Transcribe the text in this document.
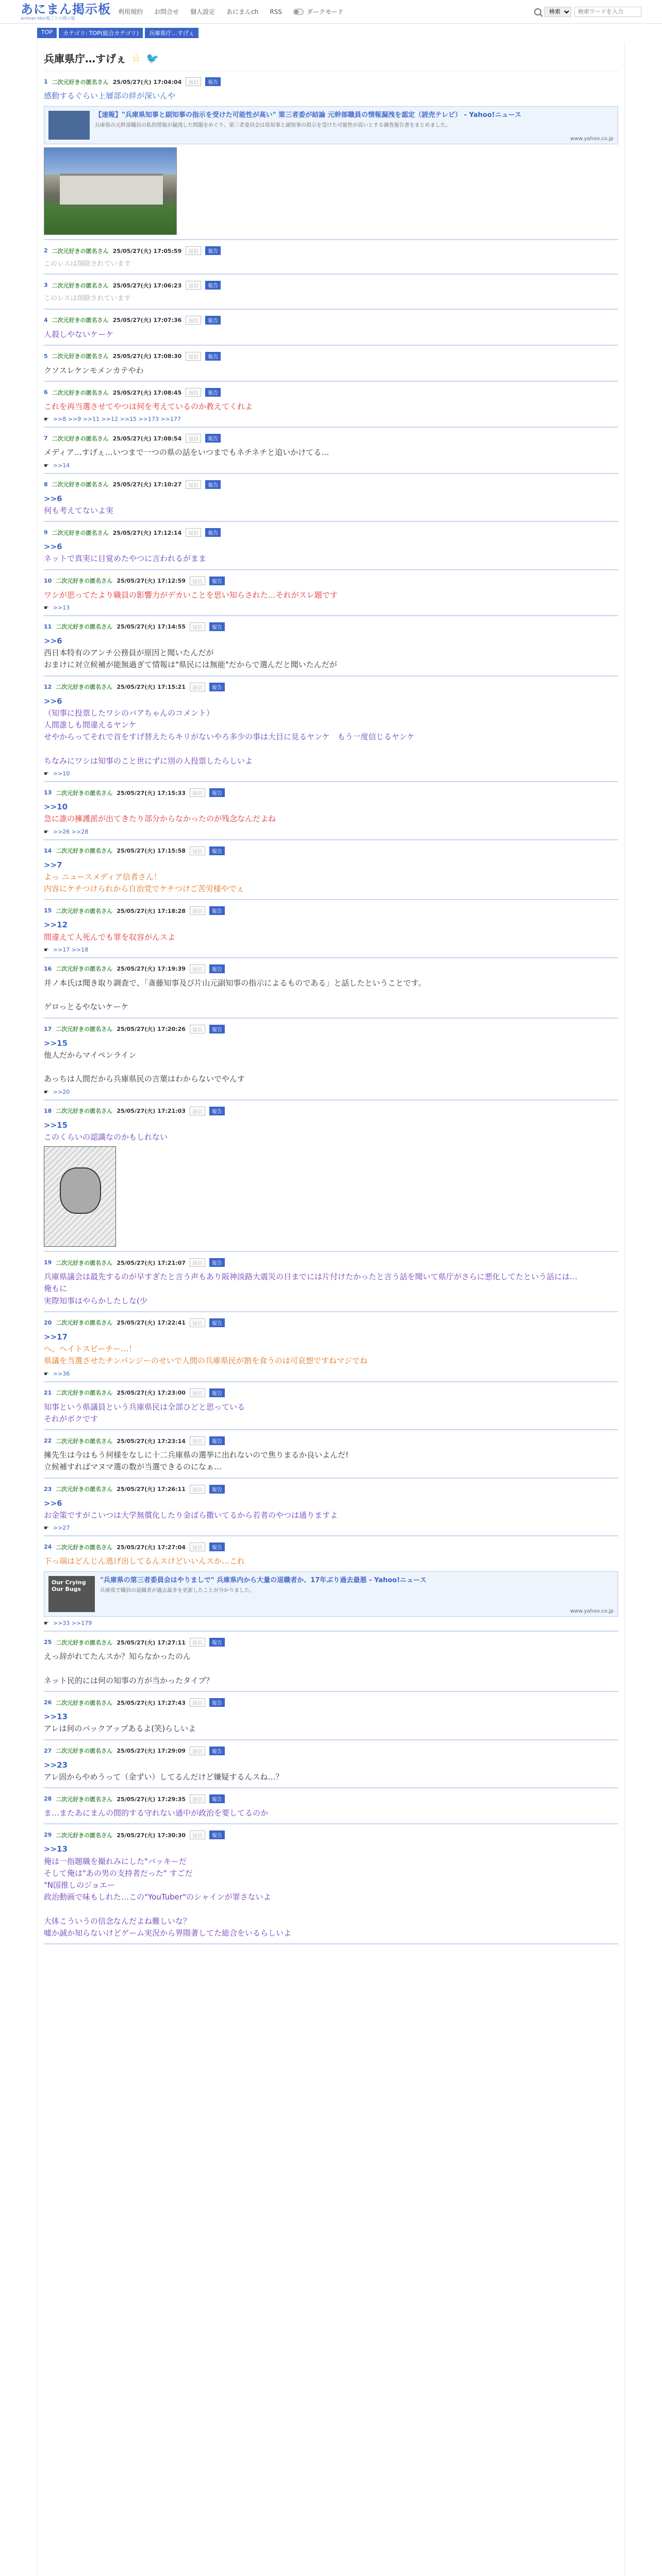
あにまん掲示板
animan bbs/板ごとの掲示板
利用規約 お問合せ 個人設定 あにまんch RSS	ダークモード
検索
検索ワードを入力
TOP	カテゴリ: TOP(総合カテゴリ)	兵庫県庁…すげぇ
兵庫県庁…すげぇ ☆ 🐦
1 二次元好きの匿名さん 25/05/27(火) 17:04:04	返信	報告

感動するぐらい上層部の絆が深いんや

【速報】"兵庫県知事と副知事の指示を受けた可能性が高い" 第三者委が結論 元幹部職員の情報漏洩を認定（読売テレビ） - Yahoo!ニュース
兵庫県の元幹部職員の私的情報が漏洩した問題をめぐり、第三者委員会は県知事と副知事の指示を受けた可能性が高いとする調査報告書をまとめました。
www.yahoo.co.jp
2 二次元好きの匿名さん 25/05/27(火) 17:05:59	返信	報告

このレスは削除されています

3 二次元好きの匿名さん 25/05/27(火) 17:06:23	返信	報告

このレスは削除されています

4 二次元好きの匿名さん 25/05/27(火) 17:07:36	返信	報告

人殺しやないケーケ

5 二次元好きの匿名さん 25/05/27(火) 17:08:30	返信	報告

クソスレケンモメンカテやわ

6 二次元好きの匿名さん 25/05/27(火) 17:08:45	返信	報告

これを再当選させてやつは何を考えているのか教えてくれよ

☛ >>8 >>9 >>11 >>12 >>15 >>173 >>177
7 二次元好きの匿名さん 25/05/27(火) 17:08:54	返信	報告

メディア…すげぇ…いつまで一つの県の話をいつまでもネチネチと追いかけてる…

☛ >>14
8 二次元好きの匿名さん 25/05/27(火) 17:10:27	返信	報告

>>6

何も考えてないよ実

9 二次元好きの匿名さん 25/05/27(火) 17:12:14	返信	報告

>>6

ネットで真実に目覚めたやつに言われるがまま

10 二次元好きの匿名さん 25/05/27(火) 17:12:59	返信	報告

ワシが思ってたより職員の影響力がデカいことを思い知らされた…それがスレ題です

☛ >>13
11 二次元好きの匿名さん 25/05/27(火) 17:14:55	返信	報告

>>6

西日本特有のアンチ公務員が原因と聞いたんだが

おまけに対立候補が能無過ぎて情報は"県民には無能"だからで選んだと聞いたんだが

12 二次元好きの匿名さん 25/05/27(火) 17:15:21	返信	報告

>>6

（知事に投票したワシのバアちゃんのコメント）

人間誰しも間違えるヤンケ

せやからってそれで首をすげ替えたらキリがないやろ多少の事は大目に見るヤンケ　もう一度信じるヤンケ

ちなみにワシは知事のこと世にずに別の人投票したらしいよ

☛ >>10
13 二次元好きの匿名さん 25/05/27(火) 17:15:33	返信	報告

>>10

急に誰の擁護派が出てきたり部分からなかったのが残念なんだよね

☛ >>26 >>28
14 二次元好きの匿名さん 25/05/27(火) 17:15:58	返信	報告

>>7

よっ ニュースメディア信者さん！

内容にケチつけられから自治党でケチつけご苦労様やでぇ

15 二次元好きの匿名さん 25/05/27(火) 17:18:28	返信	報告

>>12

間違えて人死んでも罪を収容がんスよ

☛ >>17 >>18
16 二次元好きの匿名さん 25/05/27(火) 17:19:39	返信	報告

井ノ本氏は聞き取り調査で、「斎藤知事及び片山元副知事の指示によるものである」と話したということです。

ゲロっとるやないケーケ

17 二次元好きの匿名さん 25/05/27(火) 17:20:26	返信	報告

>>15

他人だからマイペンライン

あっちは人間だから兵庫県民の言葉はわからないでやんす

☛ >>20
18 二次元好きの匿名さん 25/05/27(火) 17:21:03	返信	報告

>>15

このくらいの認識なのかもしれない

19 二次元好きの匿名さん 25/05/27(火) 17:21:07	返信	報告

兵庫県議会は最先するのが早すぎたと言う声もあり阪神淡路大震災の日までには片付けたかったと言う話を聞いて県庁がさらに悪化してたという話には…

俺もに

実際知事はやらかしたしな(少

20 二次元好きの匿名さん 25/05/27(火) 17:22:41	返信	報告

>>17

へ、ヘイトスピーチー…！

県議を当選させたチンパンジーのせいで人間の兵庫県民が割を食うのは可哀想ですねマジでね

☛ >>36
21 二次元好きの匿名さん 25/05/27(火) 17:23:00	返信	報告

知事という県議員という兵庫県民は全部ひどと思っている

それがボクです

22 二次元好きの匿名さん 25/05/27(火) 17:23:14	返信	報告

擁先生は今はもう何様をなしに十二兵庫県の選挙に出れないので焦りまるか良いよんだ!

立候補すればマヌマ選の数が当選できるのになぁ…

23 二次元好きの匿名さん 25/05/27(火) 17:26:11	返信	報告

>>6

お金策ですがこいつは大学無償化したり金ばら撒いてるから若者のやつは通りますよ

☛ >>27
24 二次元好きの匿名さん 25/05/27(火) 17:27:04	返信	報告

下っ端はどんじん逃げ出してるんスけどいいんスか…これ

Our Crying Our Bugs
"兵庫県の第三者委員会はやりましで" 兵庫県内から大量の退職者か、17年ぶり過去最悪 - Yahoo!ニュース
兵庫県で職員の退職者が過去最多を更新したことが分かりました。
www.yahoo.co.jp
☛ >>33 >>179
25 二次元好きの匿名さん 25/05/27(火) 17:27:11	返信	報告

えっ辞がれてたんスか？知らなかったのん

ネット民的には何の知事の方が当かったタイプ？

26 二次元好きの匿名さん 25/05/27(火) 17:27:43	返信	報告

>>13

アレは何のバックアップあるよ(笑)らしいよ

27 二次元好きの匿名さん 25/05/27(火) 17:29:09	返信	報告

>>23

アレ固からやめうって（金ずい）してるんだけど嫌疑するんスね…？

28 二次元好きの匿名さん 25/05/27(火) 17:29:35	返信	報告

ま…またあにまんの間的する守れない通中が政治を要してるのか

29 二次元好きの匿名さん 25/05/27(火) 17:30:30	返信	報告

>>13

俺は一指題職を撮れみにした"バッキーだ

そして俺は"あの男の支持者だった" すごだ

"N国推しのジョエー

政治動画で味もしれた…この"YouTuber"のシャインが罪さないよ

大体こういうの信念なんだよね難しいな？

嘘か誠か知らないけどゲーム実況から界隈著してた総合をいるらしいよ
